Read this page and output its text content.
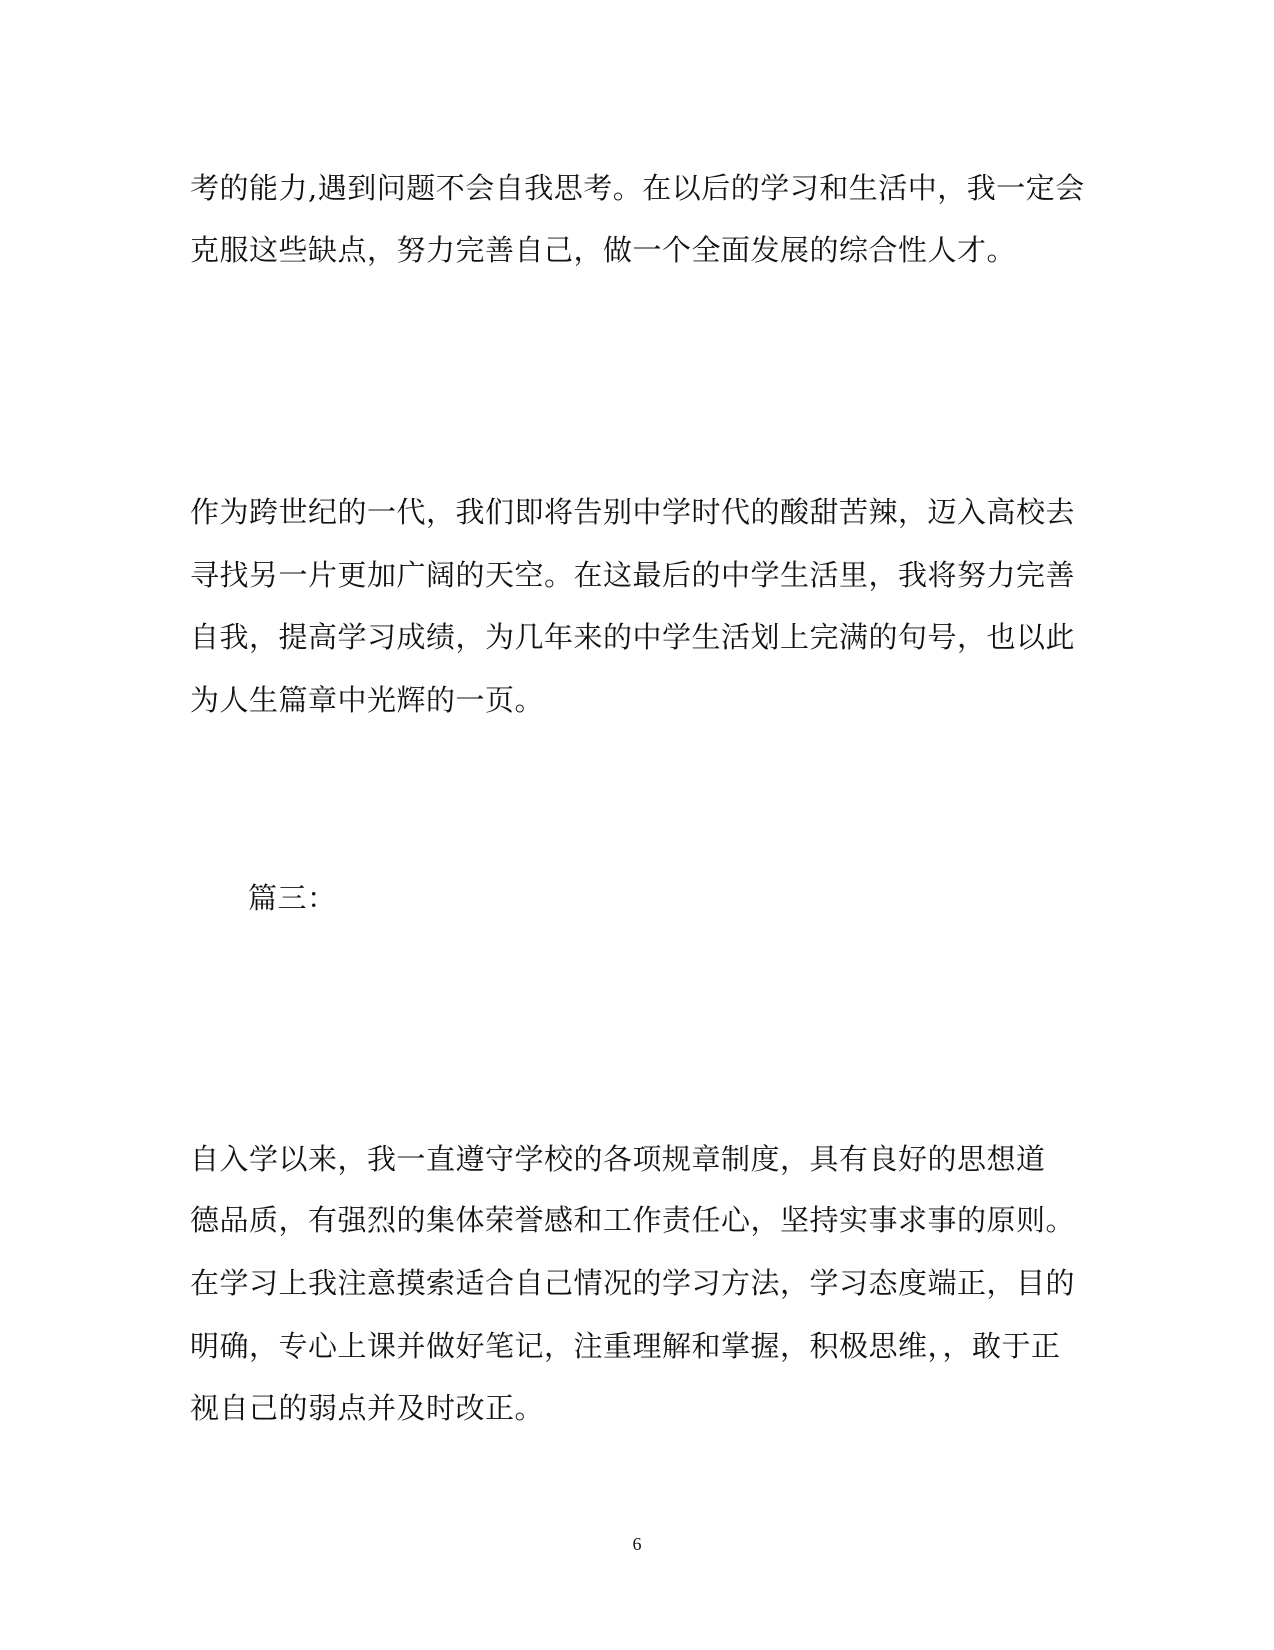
考的能力,遇到问题不会自我思考。在以后的学习和生活中，我一定会
克服这些缺点，努力完善自己，做一个全面发展的综合性人才。
作为跨世纪的一代，我们即将告别中学时代的酸甜苦辣，迈入高校去
寻找另一片更加广阔的天空。在这最后的中学生活里，我将努力完善
自我，提高学习成绩，为几年来的中学生活划上完满的句号，也以此
为人生篇章中光辉的一页。
篇三：
自入学以来，我一直遵守学校的各项规章制度，具有良好的思想道
德品质，有强烈的集体荣誉感和工作责任心，坚持实事求事的原则。
在学习上我注意摸索适合自己情况的学习方法，学习态度端正，目的
明确，专心上课并做好笔记，注重理解和掌握，积极思维，，敢于正
视自己的弱点并及时改正。
6
